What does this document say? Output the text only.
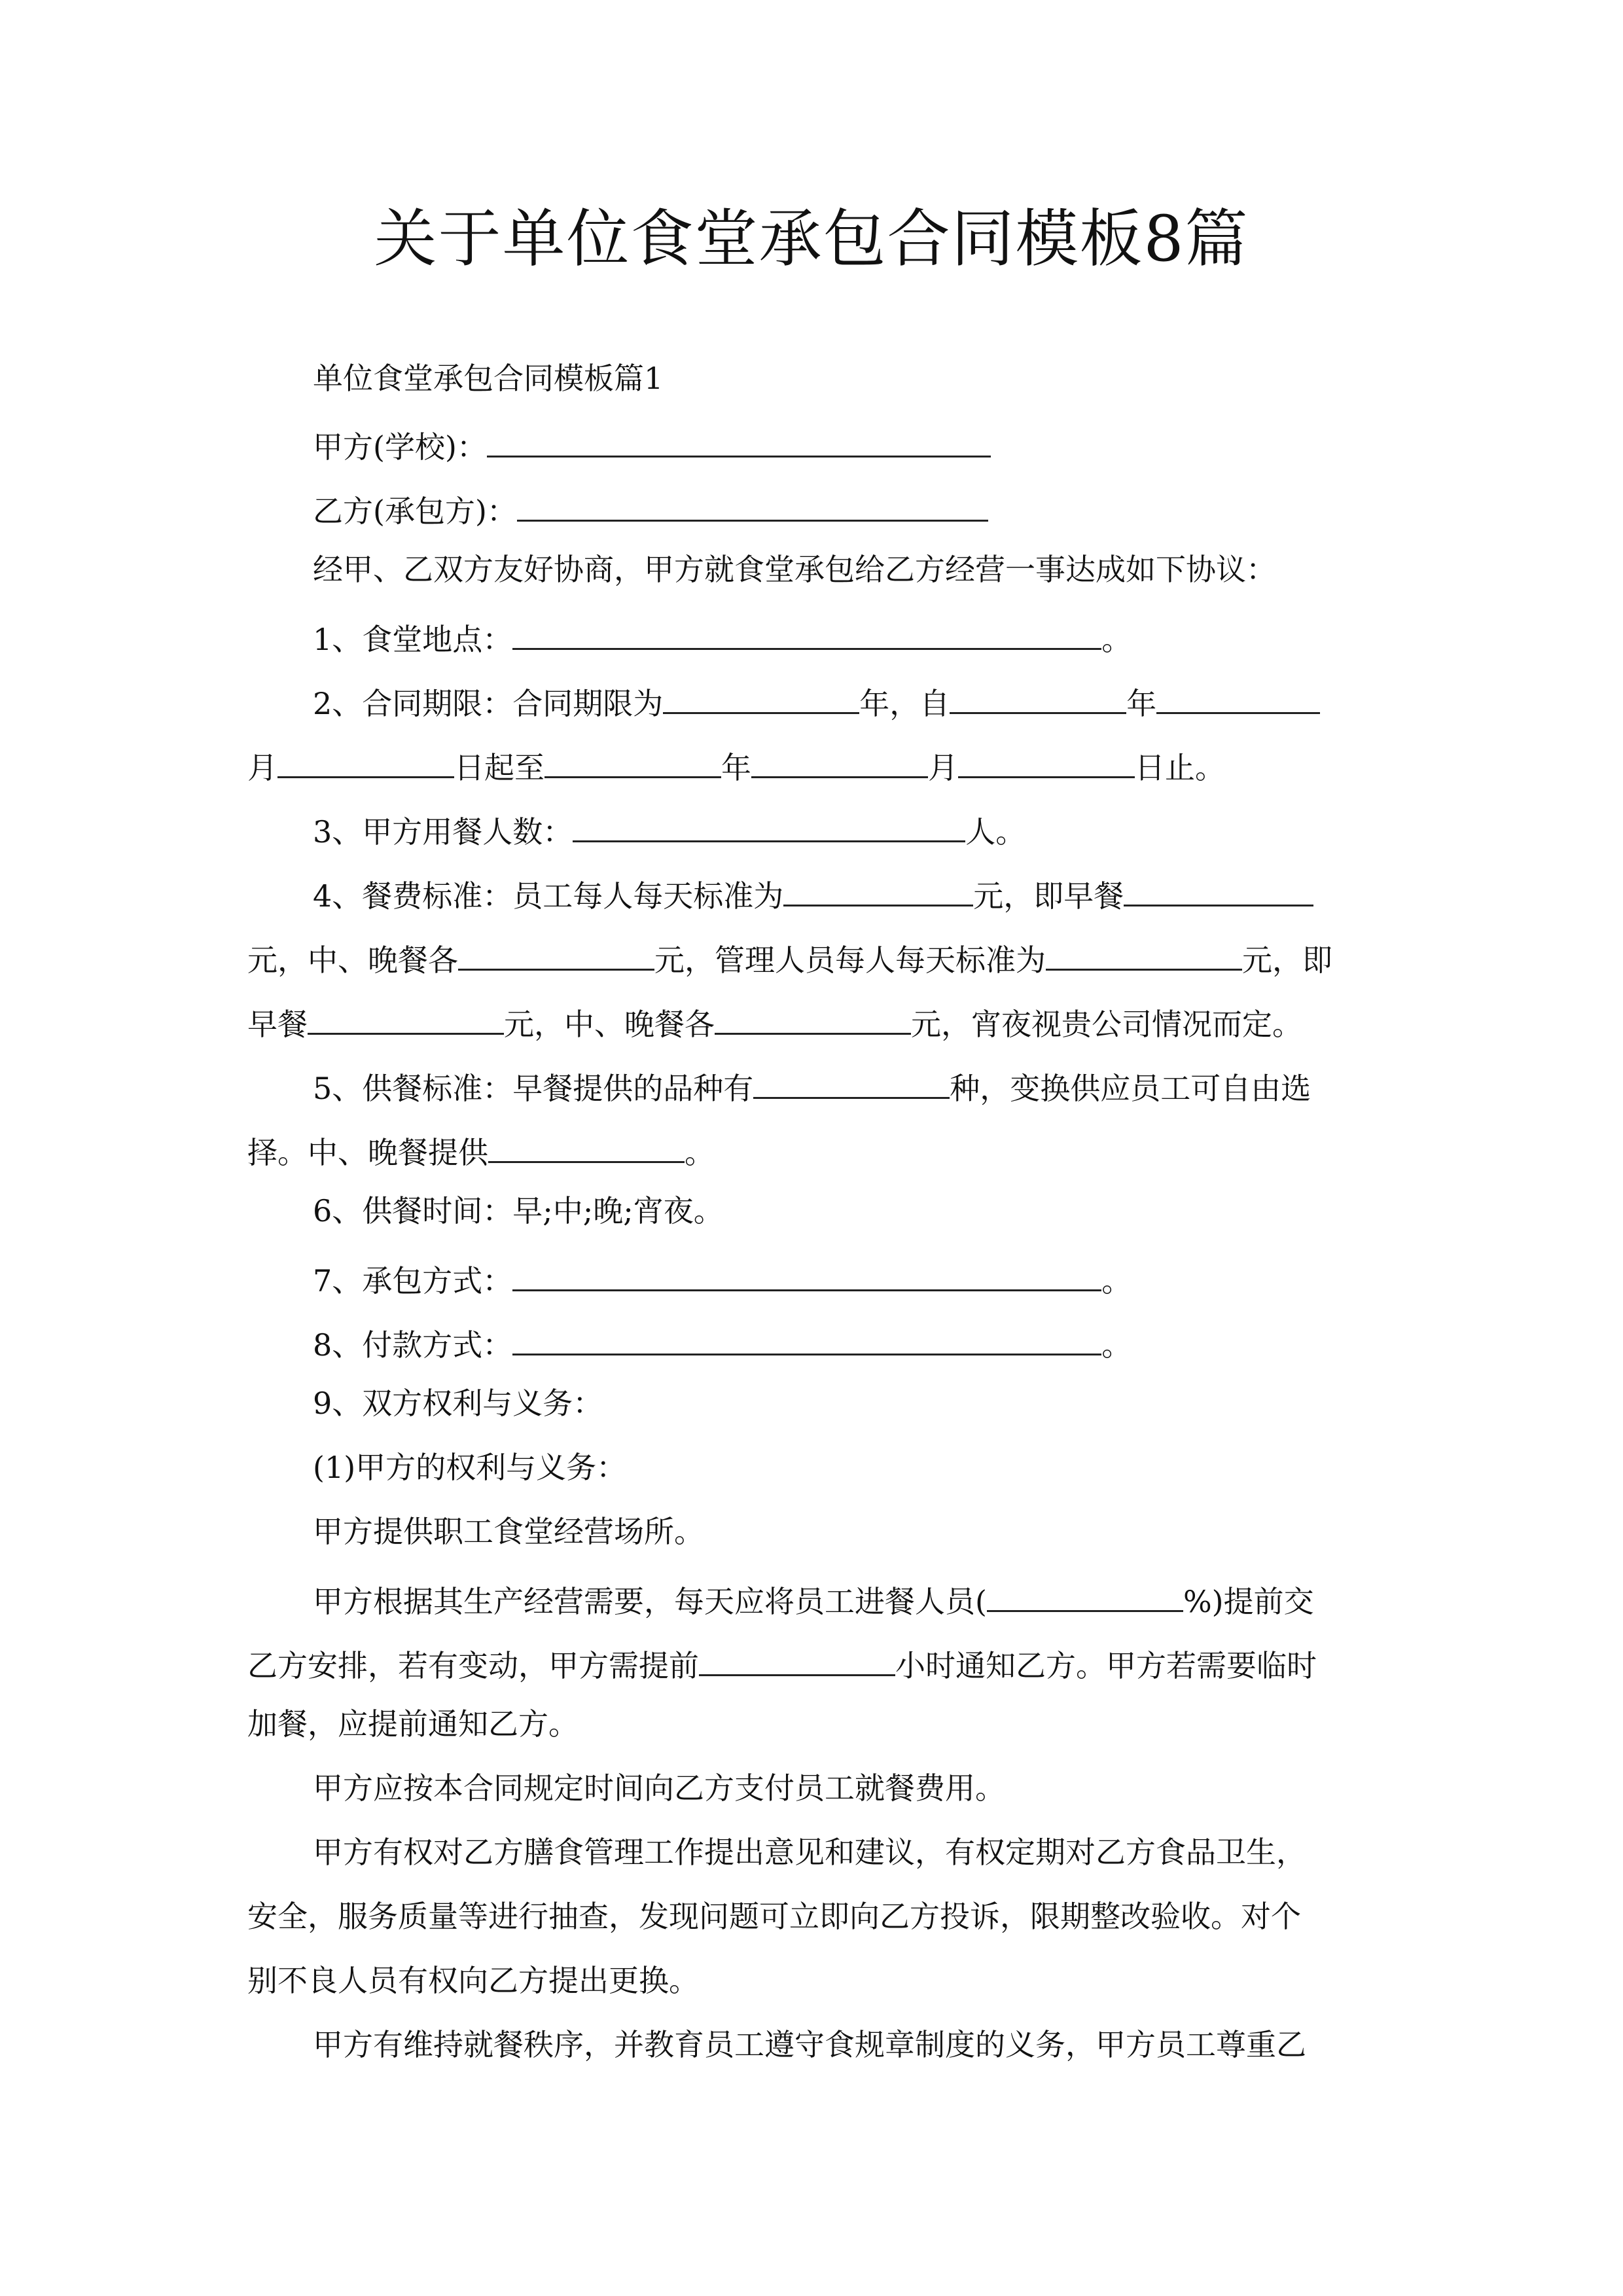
关于单位食堂承包合同模板8篇
单位食堂承包合同模板篇1
甲方(学校)：
乙方(承包方)：
经甲、乙双方友好协商，甲方就食堂承包给乙方经营一事达成如下协议：
1、食堂地点：	。
2、合同期限：合同期限为	年，自	年
月	日起至	年	月	日止。
3、甲方用餐人数：	人。
4、餐费标准：员工每人每天标准为	元，即早餐
元，中、晚餐各	元，管理人员每人每天标准为	元，即
早餐	元，中、晚餐各	元，宵夜视贵公司情况而定。
5、供餐标准：早餐提供的品种有	种，变换供应员工可自由选
择。中、晚餐提供	。
6、供餐时间：早;中;晚;宵夜。
7、承包方式：	。
8、付款方式：	。
9、双方权利与义务：
(1)甲方的权利与义务：
甲方提供职工食堂经营场所。
甲方根据其生产经营需要，每天应将员工进餐人员(	%)提前交
乙方安排，若有变动，甲方需提前	小时通知乙方。甲方若需要临时
加餐，应提前通知乙方。
甲方应按本合同规定时间向乙方支付员工就餐费用。
甲方有权对乙方膳食管理工作提出意见和建议，有权定期对乙方食品卫生，
安全，服务质量等进行抽查，发现问题可立即向乙方投诉，限期整改验收。对个
别不良人员有权向乙方提出更换。
甲方有维持就餐秩序，并教育员工遵守食规章制度的义务，甲方员工尊重乙
